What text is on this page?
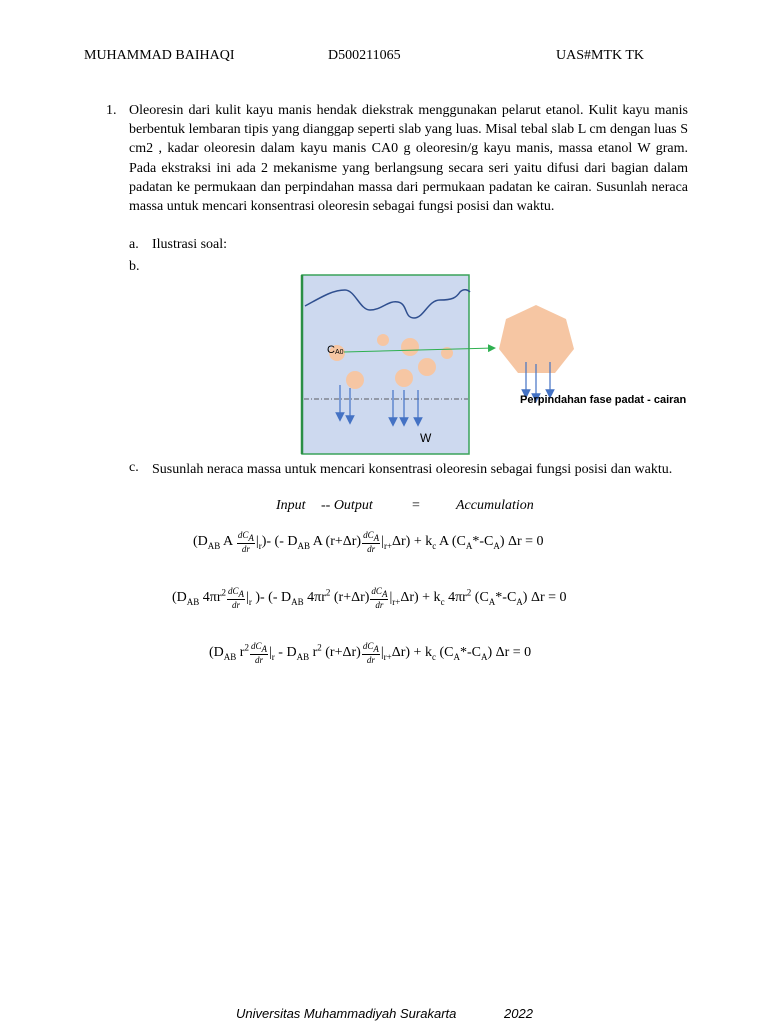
MUHAMMAD BAIHAQI	D500211065	UAS#MTK TK
1. Oleoresin dari kulit kayu manis hendak diekstrak menggunakan pelarut etanol. Kulit kayu manis berbentuk lembaran tipis yang dianggap seperti slab yang luas. Misal tebal slab L cm dengan luas S cm2 , kadar oleoresin dalam kayu manis CA0 g oleoresin/g kayu manis, massa etanol W gram. Pada ekstraksi ini ada 2 mekanisme yang berlangsung secara seri yaitu difusi dari bagian dalam padatan ke permukaan dan perpindahan massa dari permukaan padatan ke cairan. Susunlah neraca massa untuk mencari konsentrasi oleoresin sebagai fungsi posisi dan waktu.
a. Ilustrasi soal:
b.
CA0
W
Perpindahan fase padat - cairan
c. Susunlah neraca massa untuk mencari konsentrasi oleoresin sebagai fungsi posisi dan waktu.
Input -- Output	=	Accumulation
($D_{AB}$ A $\frac{dC_A}{dr} |_r)-$ (- $D_{AB}$ A $(r+\Delta r) \frac{dC_A}{dr} |_{r+}\Delta r) + k_c$ A $(C_A*-C_A) \Delta r = 0$
($D_{AB}$ $4\pi r^2 \frac{dC_A}{dr} |_r$ )- (- $D_{AB}$ $4\pi r^2$ $(r+\Delta r) \frac{dC_A}{dr} |_{r+}\Delta r) + k_c$ $4\pi r^2$ $(C_A*-C_A) \Delta r = 0$
($D_{AB}$ $r^2 \frac{dC_A}{dr} |_r - D_{AB}$ $r^2$ $(r+\Delta r) \frac{dC_A}{dr} |_{r+}\Delta r) + k_c$ $(C_A*-C_A) \Delta r = 0$
Universitas Muhammadiyah Surakarta	2022
